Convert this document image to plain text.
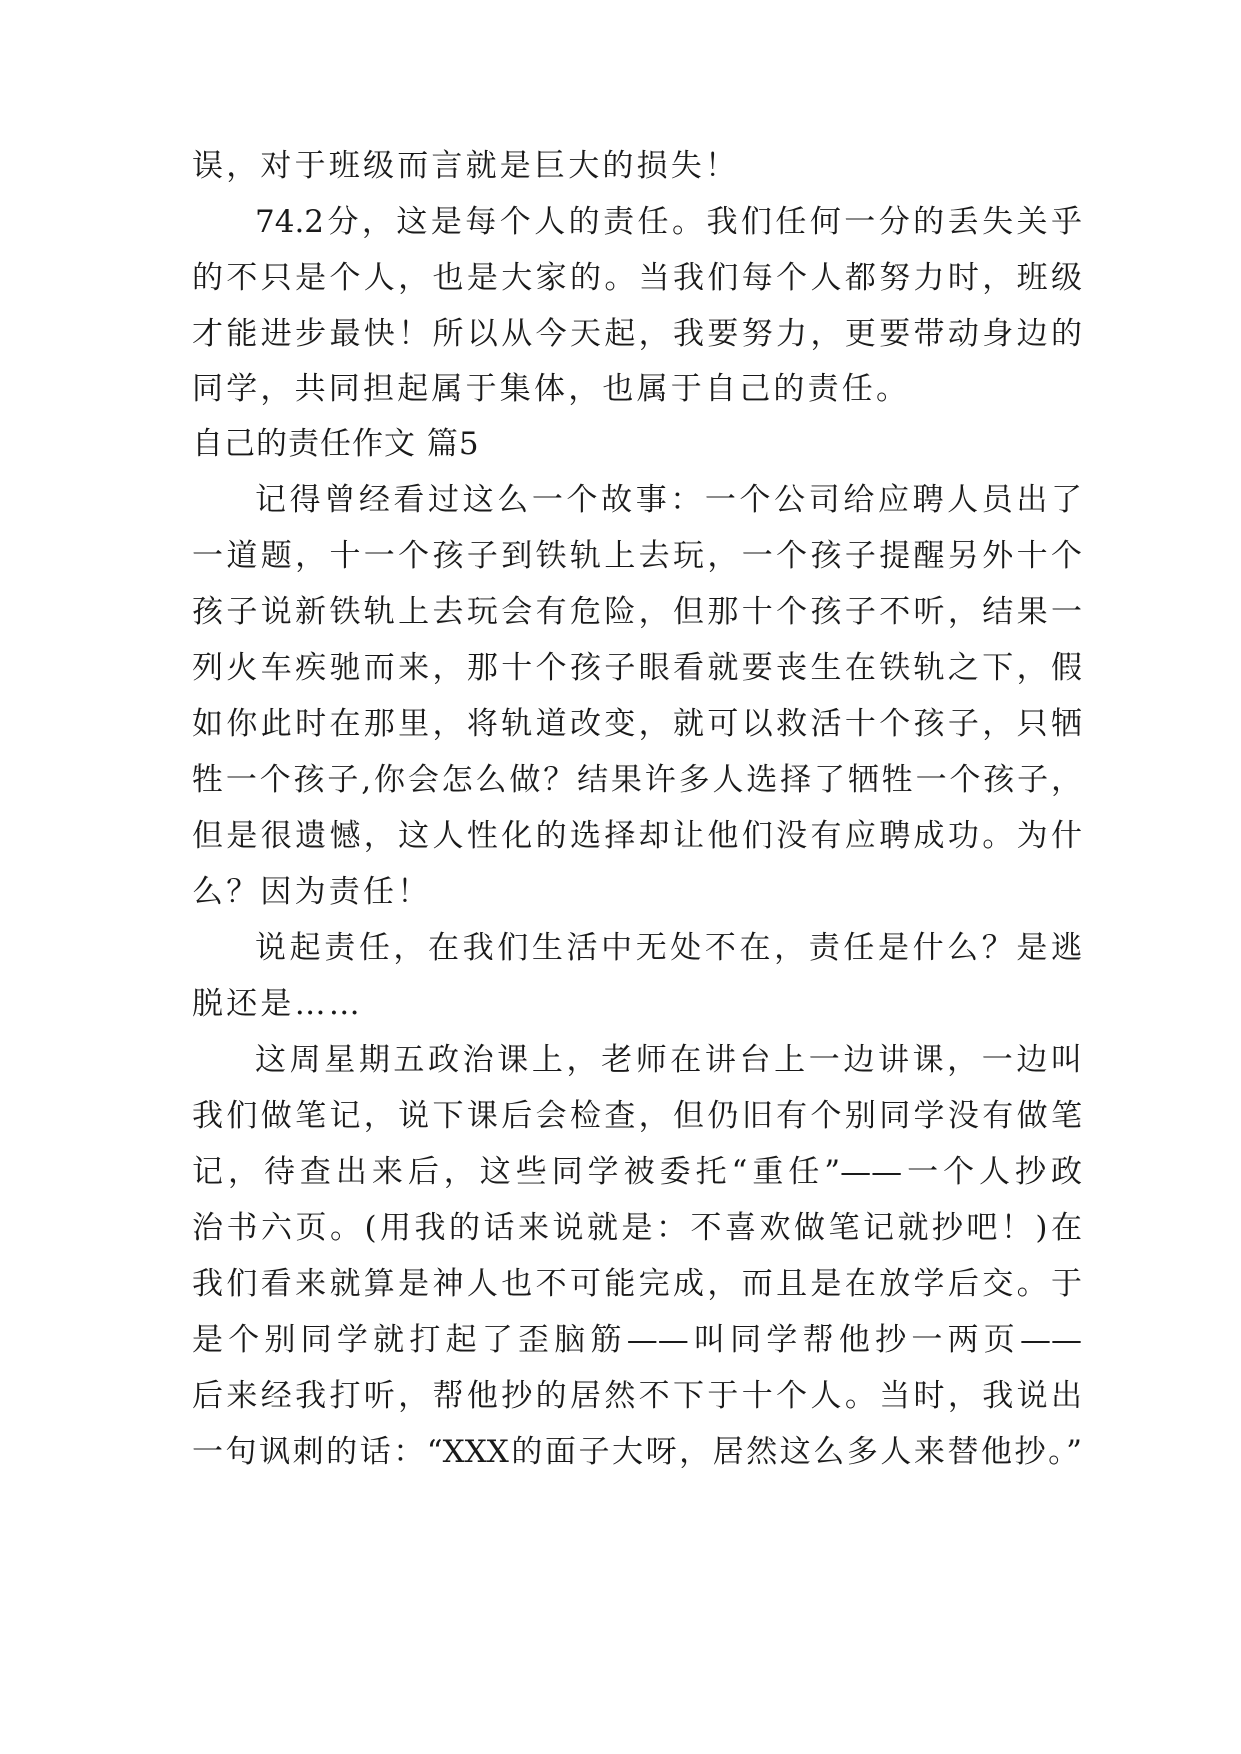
误，对于班级而言就是巨大的损失！
74.2分，这是每个人的责任。我们任何一分的丢失关乎
的不只是个人，也是大家的。当我们每个人都努力时，班级
才能进步最快！所以从今天起，我要努力，更要带动身边的
同学，共同担起属于集体，也属于自己的责任。
自己的责任作文 篇5
记得曾经看过这么一个故事：一个公司给应聘人员出了
一道题，十一个孩子到铁轨上去玩，一个孩子提醒另外十个
孩子说新铁轨上去玩会有危险，但那十个孩子不听，结果一
列火车疾驰而来，那十个孩子眼看就要丧生在铁轨之下，假
如你此时在那里，将轨道改变，就可以救活十个孩子，只牺
牲一个孩子,你会怎么做？结果许多人选择了牺牲一个孩子，
但是很遗憾，这人性化的选择却让他们没有应聘成功。为什
么？因为责任！
说起责任，在我们生活中无处不在，责任是什么？是逃
脱还是……
这周星期五政治课上，老师在讲台上一边讲课，一边叫
我们做笔记，说下课后会检查，但仍旧有个别同学没有做笔
记，待查出来后，这些同学被委托“重任”——一个人抄政
治书六页。(用我的话来说就是：不喜欢做笔记就抄吧！)在
我们看来就算是神人也不可能完成，而且是在放学后交。于
是个别同学就打起了歪脑筋——叫同学帮他抄一两页——
后来经我打听，帮他抄的居然不下于十个人。当时，我说出
一句讽刺的话：“XXX的面子大呀，居然这么多人来替他抄。”
